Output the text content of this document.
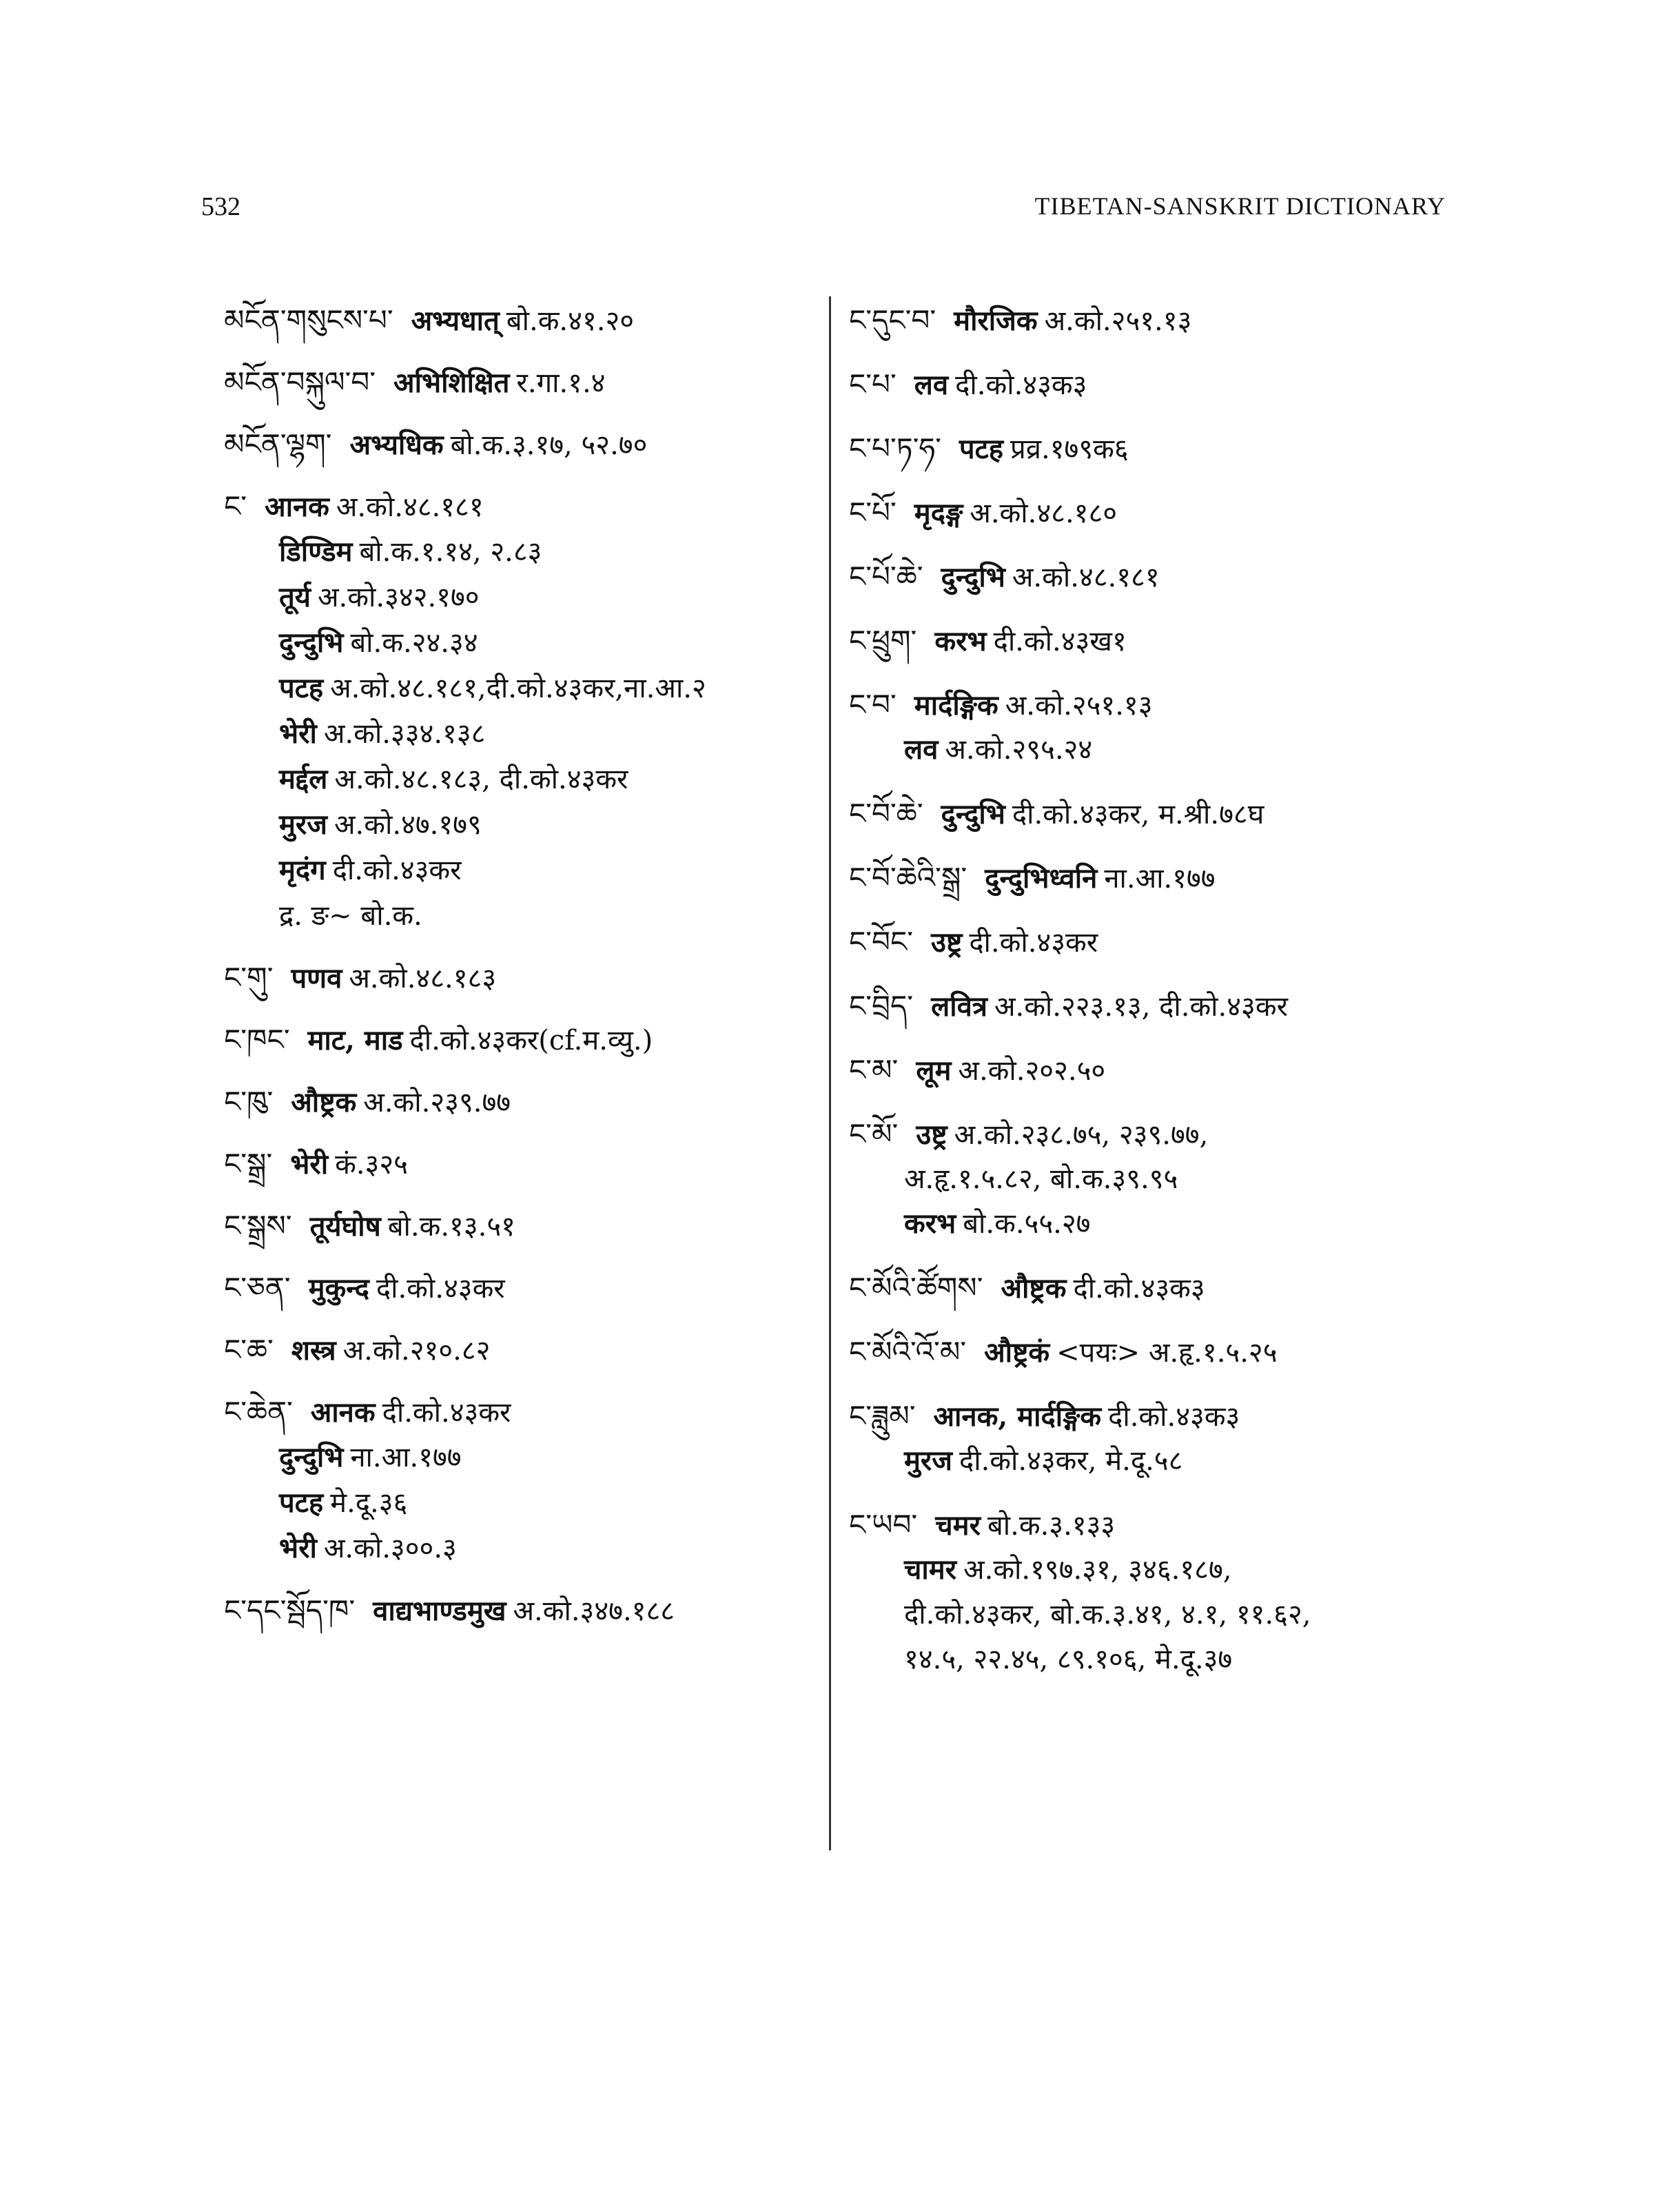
532	TIBETAN-SANSKRIT DICTIONARY
མངོན་གསུངས་པ་ अभ्यधात् बो.क.४१.२०
མངོན་བསྐུལ་བ་ अभिशिक्षित र.गा.१.४
མངོན་ལྷག་ अभ्यधिक बो.क.३.१७, ५२.७०
ང་ आनक अ.को.४८.१८१
डिण्डिम बो.क.१.१४, २.८३
तूर्य अ.को.३४२.१७०
दुन्दुभि बो.क.२४.३४
पटह अ.को.४८.१८१,दी.को.४३कर,ना.आ.२
भेरी अ.को.३३४.१३८
मर्द्दल अ.को.४८.१८३, दी.को.४३कर
मुरज अ.को.४७.१७९
मृदंग दी.को.४३कर
द्र. ङ~ बो.क.
ང་གུ་ पणव अ.को.४८.१८३
ང་ཁང་ माट, माड दी.को.४३कर(cf.म.व्यु.)
ང་ཁུ་ औष्ट्रक अ.को.२३९.७७
ང་སྒྲ་ भेरी कं.३२५
ང་སྒྲས་ तूर्यघोष बो.क.१३.५१
ང་ཅན་ मुकुन्द दी.को.४३कर
ང་ཆ་ शस्त्र अ.को.२१०.८२
ང་ཆེན་ आनक दी.को.४३कर
दुन्दुभि ना.आ.१७७
पटह मे.दू.३६
भेरी अ.को.३००.३
ང་དང་སྦོད་ཁ་ वाद्यभाण्डमुख अ.को.३४७.१८८
ང་དུང་བ་ मौरजिक अ.को.२५१.१३
ང་པ་ लव दी.को.४३क३
ང་པ་ཏ་ཧ་ पटह प्रव्र.१७९क६
ང་པོ་ मृदङ्ग अ.को.४८.१८०
ང་པོ་ཆེ་ दुन्दुभि अ.को.४८.१८१
ང་ཕྲུག་ करभ दी.को.४३ख१
ང་བ་ मार्दङ्गिक अ.को.२५१.१३
लव अ.को.२९५.२४
ང་བོ་ཆེ་ दुन्दुभि दी.को.४३कर, म.श्री.७८घ
ང་བོ་ཆེའི་སྒྲ་ दुन्दुभिध्वनि ना.आ.१७७
ང་བོང་ उष्ट्र दी.को.४३कर
ང་བྲིད་ लवित्र अ.को.२२३.१३, दी.को.४३कर
ང་མ་ लूम अ.को.२०२.५०
ང་མོ་ उष्ट्र अ.को.२३८.७५, २३९.७७,
अ.हृ.१.५.८२, बो.क.३९.९५
करभ बो.क.५५.२७
ང་མོའི་ཚོགས་ औष्ट्रक दी.को.४३क३
ང་མོའི་འོ་མ་ औष्ट्रकं <पयः> अ.हृ.१.५.२५
ང་ཟླུམ་ आनक, मार्दङ्गिक दी.को.४३क३
मुरज दी.को.४३कर, मे.दू.५८
ང་ཡབ་ चमर बो.क.३.१३३
चामर अ.को.१९७.३१, ३४६.१८७,
दी.को.४३कर, बो.क.३.४१, ४.१, ११.६२,
१४.५, २२.४५, ८९.१०६, मे.दू.३७
